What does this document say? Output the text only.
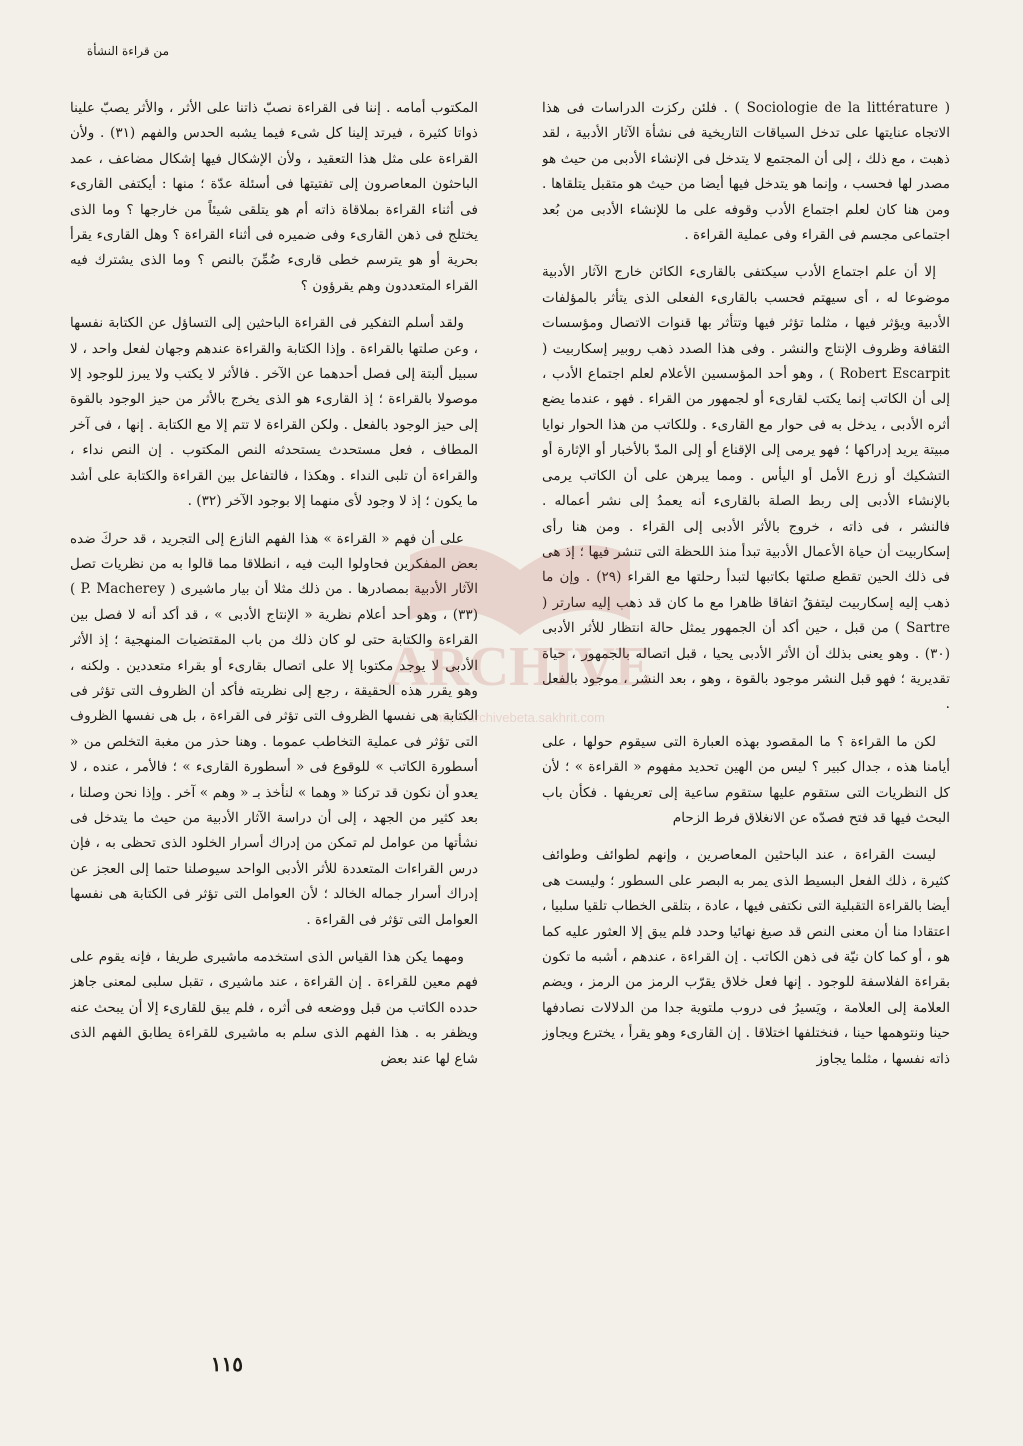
من قراءة النشأة

( Sociologie de la littérature ) . فلئن ركزت الدراسات فى هذا الاتجاه عنايتها على تدخل السياقات التاريخية فى نشأة الآثار الأدبية ، لقد ذهبت ، مع ذلك ، إلى أن المجتمع لا يتدخل فى الإنشاء الأدبى من حيث هو مصدر لها فحسب ، وإنما هو يتدخل فيها أيضا من حيث هو متقبل يتلقاها . ومن هنا كان لعلم اجتماع الأدب وقوفه على ما للإنشاء الأدبى من بُعد اجتماعى مجسم فى القراء وفى عملية القراءة .

إلا أن علم اجتماع الأدب سيكتفى بالقارىء الكائن خارج الآثار الأدبية موضوعا له ، أى سيهتم فحسب بالقارىء الفعلى الذى يتأثر بالمؤلفات الأدبية ويؤثر فيها ، مثلما تؤثر فيها وتتأثر بها قنوات الاتصال ومؤسسات الثقافة وظروف الإنتاج والنشر . وفى هذا الصدد ذهب روبير إسكاربيت ( Robert Escarpit ) ، وهو أحد المؤسسين الأعلام لعلم اجتماع الأدب ، إلى أن الكاتب إنما يكتب لقارىء أو لجمهور من القراء . فهو ، عندما يضع أثره الأدبى ، يدخل به فى حوار مع القارىء . وللكاتب من هذا الحوار نوايا مبيتة يريد إدراكها ؛ فهو يرمى إلى الإقناع أو إلى المدّ بالأخبار أو الإثارة أو التشكيك أو زرع الأمل أو اليأس . ومما يبرهن على أن الكاتب يرمى بالإنشاء الأدبى إلى ربط الصلة بالقارىء أنه يعمدُ إلى نشر أعماله . فالنشر ، فى ذاته ، خروج بالأثر الأدبى إلى القراء . ومن هنا رأى إسكاربيت أن حياة الأعمال الأدبية تبدأ منذ اللحظة التى تنشر فيها ؛ إذ هى فى ذلك الحين تقطع صلتها بكاتبها لتبدأ رحلتها مع القراء (٢٩) . وإن ما ذهب إليه إسكاربيت ليتفقُ اتفاقا ظاهرا مع ما كان قد ذهب إليه سارتر ( Sartre ) من قبل ، حين أكد أن الجمهور يمثل حالة انتظار للأثر الأدبى (٣٠) . وهو يعنى بذلك أن الأثر الأدبى يحيا ، قبل اتصاله بالجمهور ، حياة تقديرية ؛ فهو قبل النشر موجود بالقوة ، وهو ، بعد النشر ، موجود بالفعل .

لكن ما القراءة ؟ ما المقصود بهذه العبارة التى سيقوم حولها ، على أيامنا هذه ، جدال كبير ؟ ليس من الهين تحديد مفهوم « القراءة » ؛ لأن كل النظريات التى ستقوم عليها ستقوم ساعية إلى تعريفها . فكأن باب البحث فيها قد فتح فصدّه عن الانغلاق فرط الزحام

ليست القراءة ، عند الباحثين المعاصرين ، وإنهم لطوائف وطوائف كثيرة ، ذلك الفعل البسيط الذى يمر به البصر على السطور ؛ وليست هى أيضا بالقراءة التقبلية التى نكتفى فيها ، عادة ، بتلقى الخطاب تلقيا سلبيا ، اعتقادا منا أن معنى النص قد صيغ نهائيا وحدد فلم يبق إلا العثور عليه كما هو ، أو كما كان نيّة فى ذهن الكاتب . إن القراءة ، عندهم ، أشبه ما تكون بقراءة الفلاسفة للوجود . إنها فعل خلاق يقرّب الرمز من الرمز ، ويضم العلامة إلى العلامة ، ويَسيرُ فى دروب ملتوية جدا من الدلالات نصادفها حينا ونتوهمها حينا ، فنختلفها اختلاقا . إن القارىء وهو يقرأ ، يخترع ويجاوز ذاته نفسها ، مثلما يجاوز

المكتوب أمامه . إننا فى القراءة نصبّ ذاتنا على الأثر ، والأثر يصبّ علينا ذواتا كثيرة ، فيرتد إلينا كل شىء فيما يشبه الحدس والفهم (٣١) . ولأن القراءة على مثل هذا التعقيد ، ولأن الإشكال فيها إشكال مضاعف ، عمد الباحثون المعاصرون إلى تفتيتها فى أسئلة عدّة ؛ منها : أيكتفى القارىء فى أثناء القراءة بملاقاة ذاته أم هو يتلقى شيئاً من خارجها ؟ وما الذى يختلج فى ذهن القارىء وفى ضميره فى أثناء القراءة ؟ وهل القارىء يقرأ بحرية أو هو يترسم خطى قارىء ضُمِّنَ بالنص ؟ وما الذى يشترك فيه القراء المتعددون وهم يقرؤون ؟

ولقد أسلم التفكير فى القراءة الباحثين إلى التساؤل عن الكتابة نفسها ، وعن صلتها بالقراءة . وإذا الكتابة والقراءة عندهم وجهان لفعل واحد ، لا سبيل ألبتة إلى فصل أحدهما عن الآخر . فالأثر لا يكتب ولا يبرز للوجود إلا موصولا بالقراءة ؛ إذ القارىء هو الذى يخرج بالأثر من حيز الوجود بالقوة إلى حيز الوجود بالفعل . ولكن القراءة لا تتم إلا مع الكتابة . إنها ، فى آخر المطاف ، فعل مستحدث يستحدثه النص المكتوب . إن النص نداء ، والقراءة أن تلبى النداء . وهكذا ، فالتفاعل بين القراءة والكتابة على أشد ما يكون ؛ إذ لا وجود لأى منهما إلا بوجود الآخر (٣٢) .

على أن فهم « القراءة » هذا الفهم النازع إلى التجريد ، قد حركَ ضده بعض المفكرين فحاولوا البت فيه ، انطلاقا مما قالوا به من نظريات تصل الآثار الأدبية بمصادرها . من ذلك مثلا أن بيار ماشيرى ( P. Macherey ) (٣٣) ، وهو أحد أعلام نظرية « الإنتاج الأدبى » ، قد أكد أنه لا فصل بين القراءة والكتابة حتى لو كان ذلك من باب المقتضيات المنهجية ؛ إذ الأثر الأدبى لا يوجد مكتوبا إلا على اتصال بقارىء أو بقراء متعددين . ولكنه ، وهو يقرر هذه الحقيقة ، رجع إلى نظريته فأكد أن الظروف التى تؤثر فى الكتابة هى نفسها الظروف التى تؤثر فى القراءة ، بل هى نفسها الظروف التى تؤثر فى عملية التخاطب عموما . وهنا حذر من مغبة التخلص من « أسطورة الكاتب » للوقوع فى « أسطورة القارىء » ؛ فالأمر ، عنده ، لا يعدو أن نكون قد تركنا « وهما » لنأخذ بـ « وهم » آخر . وإذا نحن وصلنا ، بعد كثير من الجهد ، إلى أن دراسة الآثار الأدبية من حيث ما يتدخل فى نشأتها من عوامل لم تمكن من إدراك أسرار الخلود الذى تحظى به ، فإن درس القراءات المتعددة للأثر الأدبى الواحد سيوصلنا حتما إلى العجز عن إدراك أسرار جماله الخالد ؛ لأن العوامل التى تؤثر فى الكتابة هى نفسها العوامل التى تؤثر فى القراءة .

ومهما يكن هذا القياس الذى استخدمه ماشيرى طريفا ، فإنه يقوم على فهم معين للقراءة . إن القراءة ، عند ماشيرى ، تقبل سلبى لمعنى جاهز حدده الكاتب من قبل ووضعه فى أثره ، فلم يبق للقارىء إلا أن يبحث عنه ويظفر به . هذا الفهم الذى سلم به ماشيرى للقراءة يطابق الفهم الذى شاع لها عند بعض

ARCHIVE
http://archivebeta.sakhrit.com
١١٥
